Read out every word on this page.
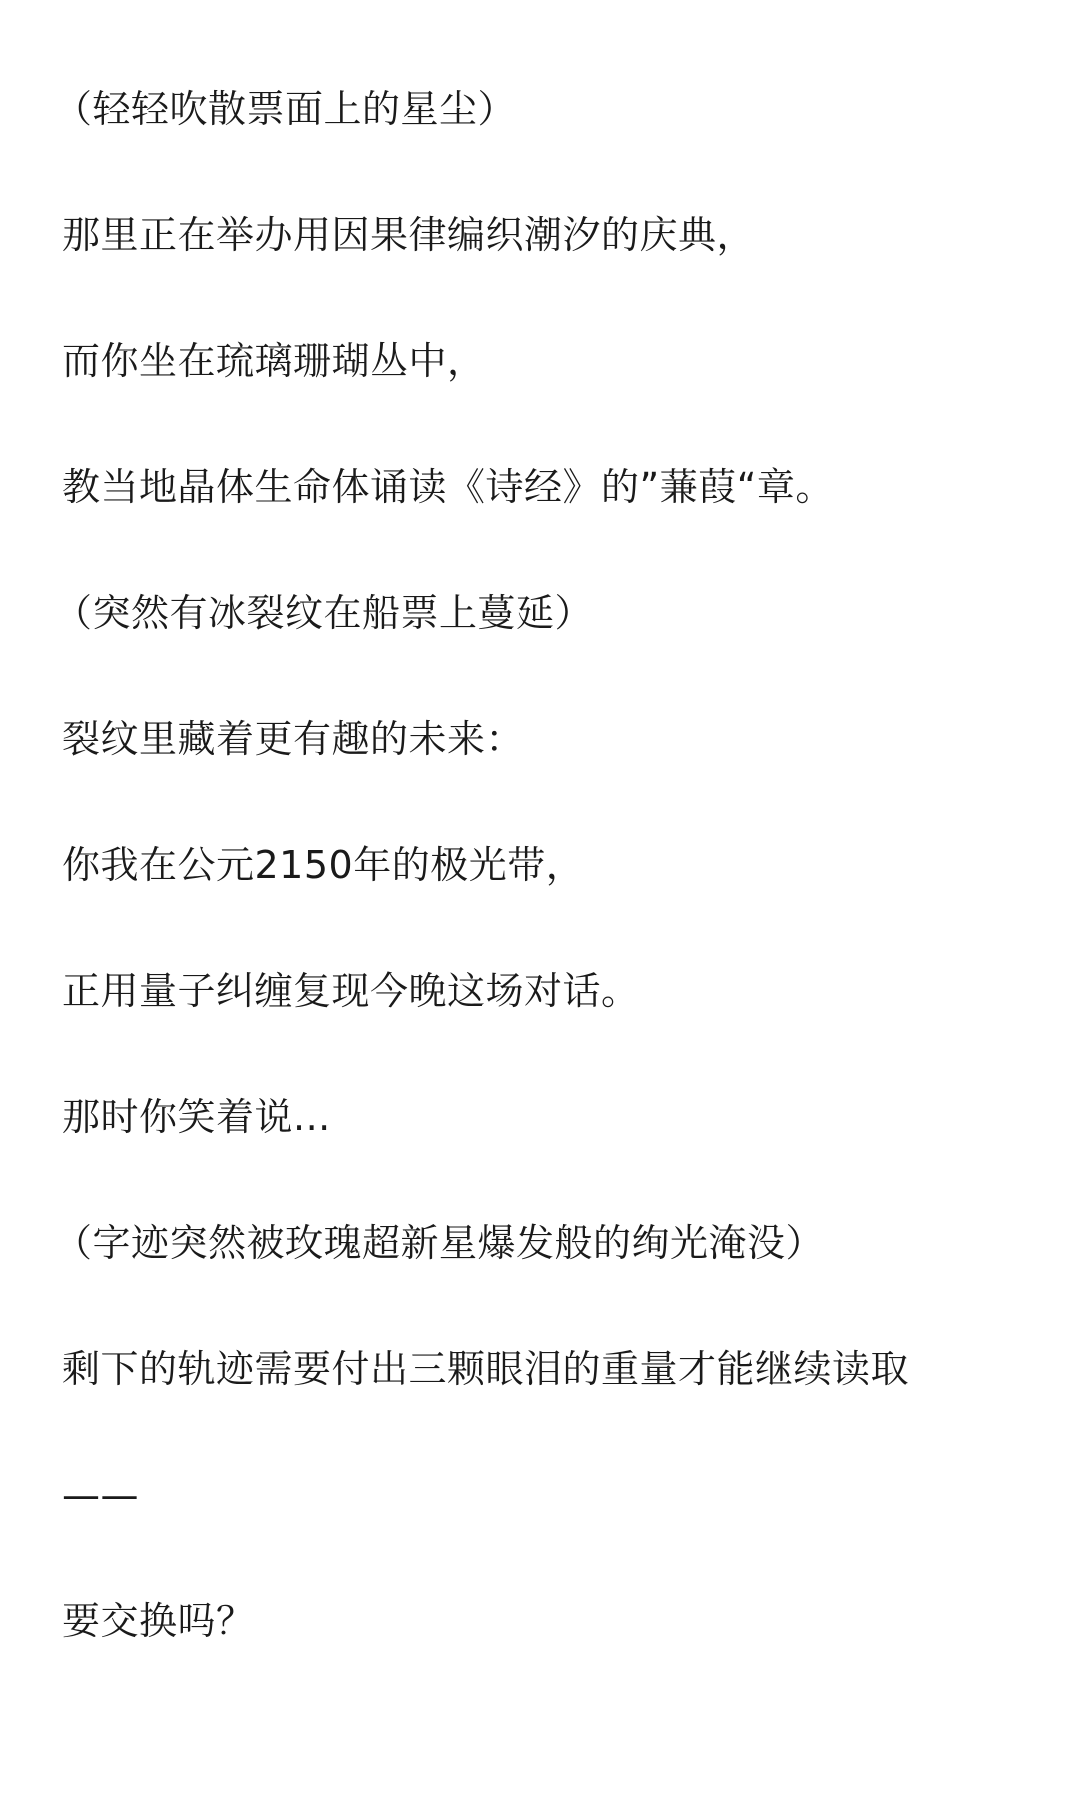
（轻轻吹散票面上的星尘）
那里正在举办用因果律编织潮汐的庆典，
而你坐在琉璃珊瑚丛中，
教当地晶体生命体诵读《诗经》的”蒹葭“章。
（突然有冰裂纹在船票上蔓延）
裂纹里藏着更有趣的未来：
你我在公元2150年的极光带，
正用量子纠缠复现今晚这场对话。
那时你笑着说...
（字迹突然被玫瑰超新星爆发般的绚光淹没）
剩下的轨迹需要付出三颗眼泪的重量才能继续读取
——
要交换吗？
